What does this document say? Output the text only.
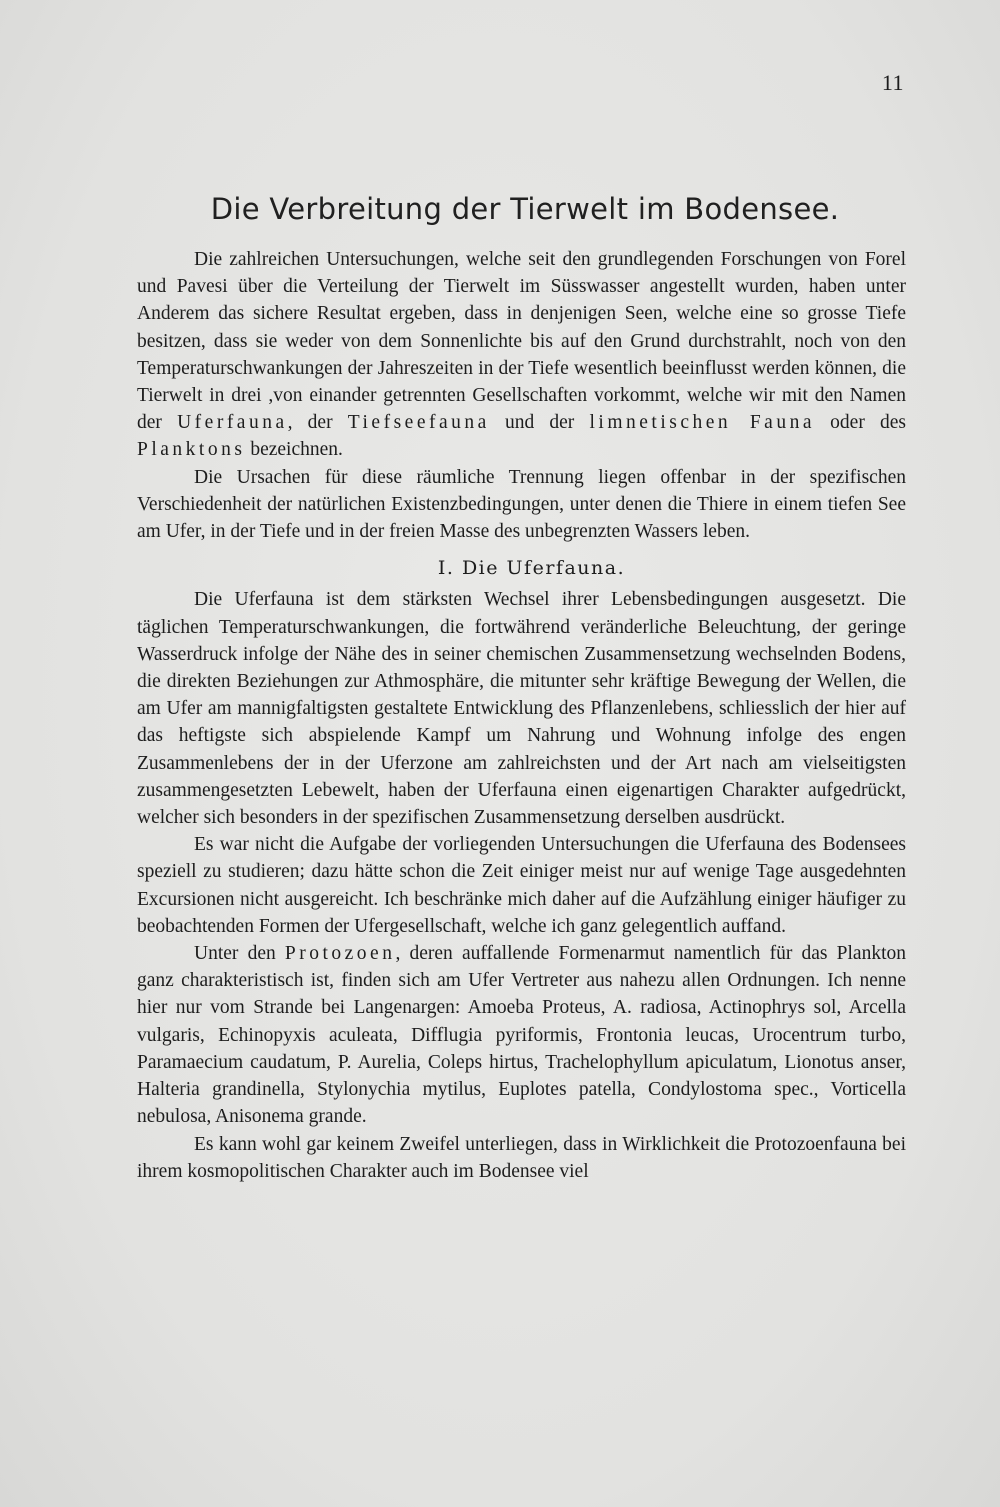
11
Die Verbreitung der Tierwelt im Bodensee.

Die zahlreichen Untersuchungen, welche seit den grundlegenden Forschungen von Forel und Pavesi über die Verteilung der Tierwelt im Süsswasser angestellt wurden, haben unter Anderem das sichere Resultat ergeben, dass in denjenigen Seen, welche eine so grosse Tiefe besitzen, dass sie weder von dem Sonnenlichte bis auf den Grund durchstrahlt, noch von den Temperaturschwankungen der Jahreszeiten in der Tiefe wesentlich beeinflusst werden können, die Tierwelt in drei ,von einander getrennten Gesellschaften vorkommt, welche wir mit den Namen der Uferfauna, der Tiefseefauna und der limnetischen Fauna oder des Planktons bezeichnen.

Die Ursachen für diese räumliche Trennung liegen offenbar in der spezifischen Verschiedenheit der natürlichen Existenzbedingungen, unter denen die Thiere in einem tiefen See am Ufer, in der Tiefe und in der freien Masse des unbegrenzten Wassers leben.

I. Die Uferfauna.

Die Uferfauna ist dem stärksten Wechsel ihrer Lebensbedingungen ausgesetzt. Die täglichen Temperaturschwankungen, die fortwährend veränderliche Beleuchtung, der geringe Wasserdruck infolge der Nähe des in seiner chemischen Zusammensetzung wechselnden Bodens, die direkten Beziehungen zur Athmosphäre, die mitunter sehr kräftige Bewegung der Wellen, die am Ufer am mannigfaltigsten gestaltete Entwicklung des Pflanzenlebens, schliesslich der hier auf das heftigste sich abspielende Kampf um Nahrung und Wohnung infolge des engen Zusammenlebens der in der Uferzone am zahlreichsten und der Art nach am vielseitigsten zusammengesetzten Lebewelt, haben der Uferfauna einen eigenartigen Charakter aufgedrückt, welcher sich besonders in der spezifischen Zusammensetzung derselben ausdrückt.

Es war nicht die Aufgabe der vorliegenden Untersuchungen die Uferfauna des Bodensees speziell zu studieren; dazu hätte schon die Zeit einiger meist nur auf wenige Tage ausgedehnten Excursionen nicht ausgereicht. Ich beschränke mich daher auf die Aufzählung einiger häufiger zu beobachtenden Formen der Ufergesellschaft, welche ich ganz gelegentlich auffand.

Unter den Protozoen, deren auffallende Formenarmut namentlich für das Plankton ganz charakteristisch ist, finden sich am Ufer Vertreter aus nahezu allen Ordnungen. Ich nenne hier nur vom Strande bei Langenargen: Amoeba Proteus, A. radiosa, Actinophrys sol, Arcella vulgaris, Echinopyxis aculeata, Difflugia pyriformis, Frontonia leucas, Urocentrum turbo, Paramaecium caudatum, P. Aurelia, Coleps hirtus, Trachelophyllum apiculatum, Lionotus anser, Halteria grandinella, Stylonychia mytilus, Euplotes patella, Condylostoma spec., Vorticella nebulosa, Anisonema grande.

Es kann wohl gar keinem Zweifel unterliegen, dass in Wirklichkeit die Protozoenfauna bei ihrem kosmopolitischen Charakter auch im Bodensee viel
